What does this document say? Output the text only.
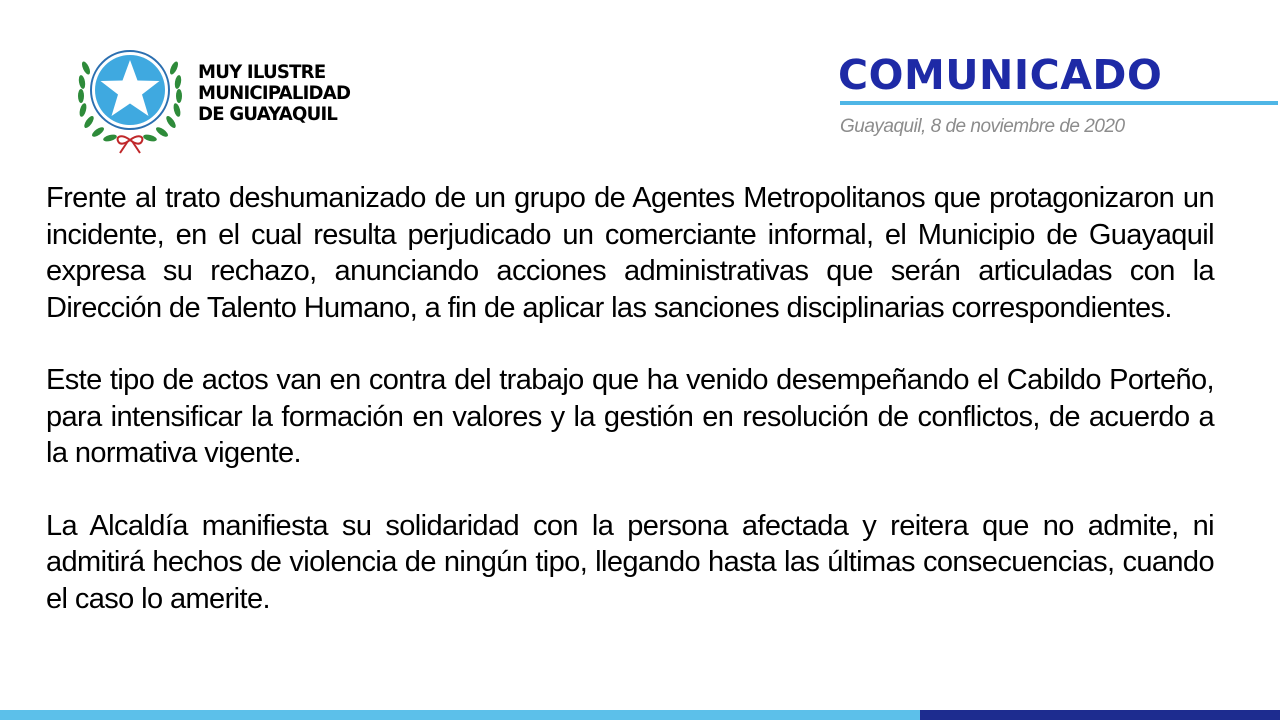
MUY ILUSTRE
MUNICIPALIDAD
DE GUAYAQUIL
COMUNICADO
Guayaquil, 8 de noviembre de 2020

Frente al trato deshumanizado de un grupo de Agentes Metropolitanos que protagonizaron un incidente, en el cual resulta perjudicado un comerciante informal, el Municipio de Guayaquil expresa su rechazo, anunciando acciones administrativas que serán articuladas con la Dirección de Talento Humano, a fin de aplicar las sanciones disciplinarias correspondientes.

Este tipo de actos van en contra del trabajo que ha venido desempeñando el Cabildo Porteño, para intensificar la formación en valores y la gestión en resolución de conflictos, de acuerdo a la normativa vigente.

La Alcaldía manifiesta su solidaridad con la persona afectada y reitera que no admite, ni admitirá hechos de violencia de ningún tipo, llegando hasta las últimas consecuencias, cuando el caso lo amerite.
